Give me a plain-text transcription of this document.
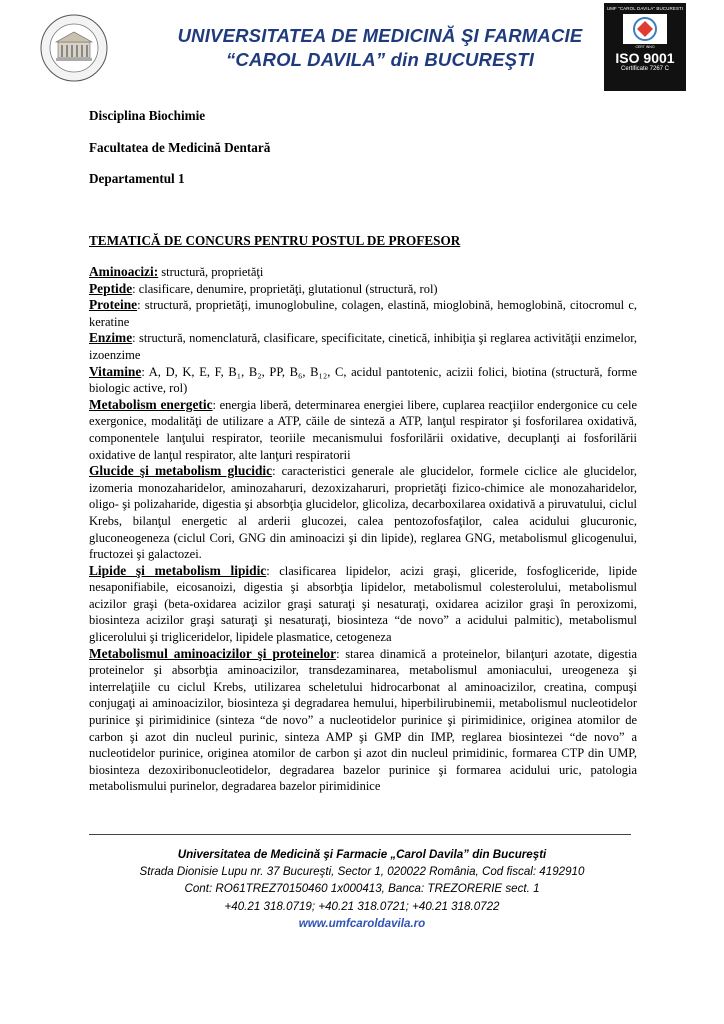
UNIVERSITATEA DE MEDICINĂ ŞI FARMACIE
“CAROL DAVILA” din BUCUREŞTI
UMF "CAROL DAVILA" BUCURESTI
CERT INNO
ISO 9001
Certificate 7267 C
Disciplina Biochimie
Facultatea de Medicină Dentară
Departamentul 1
TEMATICĂ DE CONCURS PENTRU POSTUL DE PROFESOR

Aminoacizi: structură, proprietăţi

Peptide: clasificare, denumire, proprietăţi, glutationul (structură, rol)

Proteine: structură, proprietăţi, imunoglobuline, colagen, elastină, mioglobină, hemoglobină, citocromul c, keratine

Enzime: structură, nomenclatură, clasificare, specificitate, cinetică, inhibiţia şi reglarea activităţii enzimelor, izoenzime

Vitamine: A, D, K, E, F, B₁, B₂, PP, B₆, B₁₂, C, acidul pantotenic, acizii folici, biotina (structură, forme biologic active, rol)

Metabolism energetic: energia liberă, determinarea energiei libere, cuplarea reacţiilor endergonice cu cele exergonice, modalităţi de utilizare a ATP, căile de sinteză a ATP, lanţul respirator şi fosforilarea oxidativă, componentele lanţului respirator, teoriile mecanismului fosforilării oxidative, decuplanţi ai fosforilării oxidative de lanţul respirator, alte lanţuri respiratorii

Glucide şi metabolism glucidic: caracteristici generale ale glucidelor, formele ciclice ale glucidelor, izomeria monozaharidelor, aminozaharuri, dezoxizaharuri, proprietăţi fizico-chimice ale monozaharidelor, oligo- şi polizaharide, digestia şi absorbţia glucidelor, glicoliza, decarboxilarea oxidativă a piruvatului, ciclul Krebs, bilanţul energetic al arderii glucozei, calea pentozofosfaţilor, calea acidului glucuronic, gluconeogeneza (ciclul Cori, GNG din aminoacizi şi din lipide), reglarea GNG, metabolismul glicogenului, fructozei şi galactozei.

Lipide şi metabolism lipidic: clasificarea lipidelor, acizi graşi, gliceride, fosfogliceride, lipide nesaponifiabile, eicosanoizi, digestia şi absorbţia lipidelor, metabolismul colesterolului, metabolismul acizilor graşi (beta-oxidarea acizilor graşi saturaţi şi nesaturaţi, oxidarea acizilor graşi în peroxizomi, biosinteza acizilor graşi saturaţi şi nesaturaţi, biosinteza “de novo” a acidului palmitic), metabolismul glicerolului şi trigliceridelor, lipidele plasmatice, cetogeneza

Metabolismul aminoacizilor şi proteinelor: starea dinamică a proteinelor, bilanţuri azotate, digestia proteinelor şi absorbţia aminoacizilor, transdezaminarea, metabolismul amoniacului, ureogeneza şi interrelaţiile cu ciclul Krebs, utilizarea scheletului hidrocarbonat al aminoacizilor, creatina, compuşi conjugaţi ai aminoacizilor, biosinteza şi degradarea hemului, hiperbilirubinemii, metabolismul nucleotidelor purinice şi pirimidinice (sinteza “de novo” a nucleotidelor purinice şi pirimidinice, originea atomilor de carbon şi azot din nucleul purinic, sinteza AMP şi GMP din IMP, reglarea biosintezei “de novo” a nucleotidelor purinice, originea atomilor de carbon şi azot din nucleul primidinic, formarea CTP din UMP, biosinteza dezoxiribonucleotidelor, degradarea bazelor purinice şi formarea acidului uric, patologia metabolismului purinelor, degradarea bazelor pirimidinice

Universitatea de Medicină şi Farmacie „Carol Davila” din Bucureşti
Strada Dionisie Lupu nr. 37 Bucureşti, Sector 1, 020022 România, Cod fiscal: 4192910
Cont: RO61TREZ70150460 1x000413, Banca: TREZORERIE sect. 1
+40.21 318.0719; +40.21 318.0721; +40.21 318.0722
www.umfcaroldavila.ro
